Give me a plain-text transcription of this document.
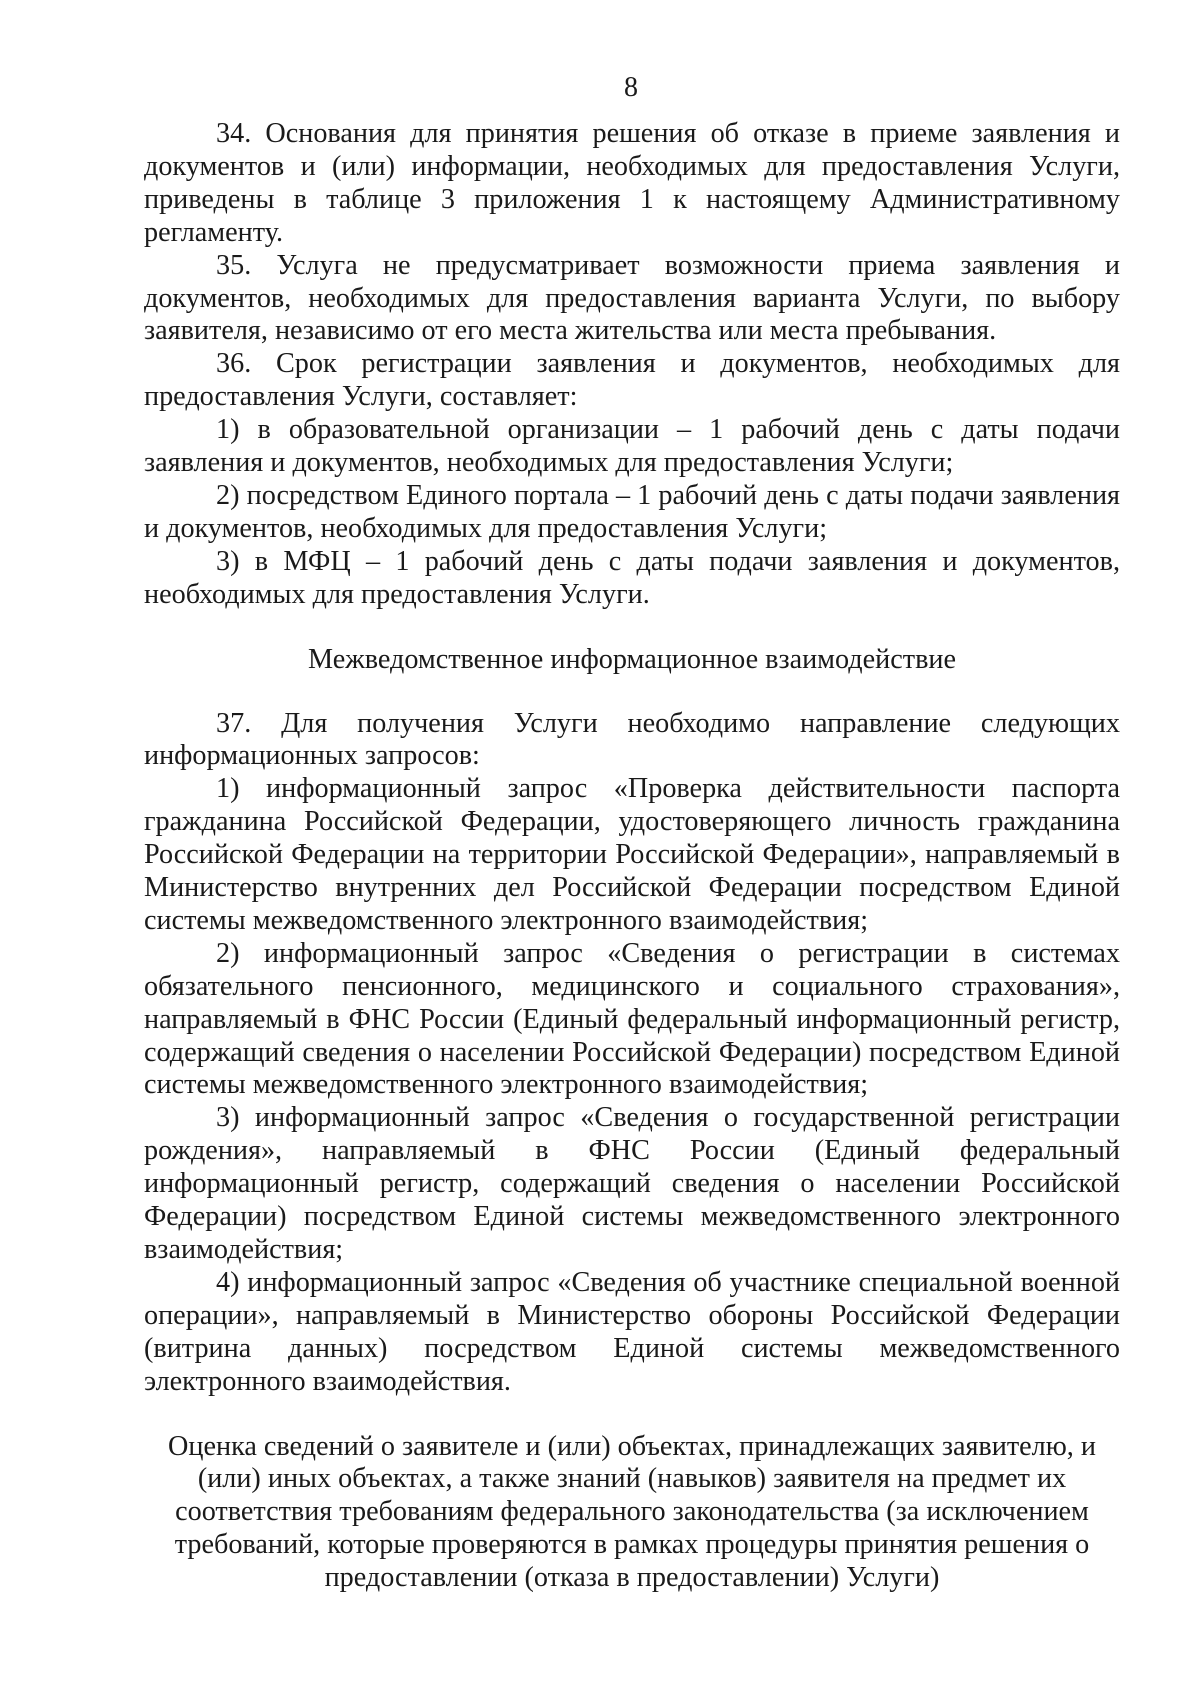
8

34. Основания для принятия решения об отказе в приеме заявления и документов и (или) информации, необходимых для предоставления Услуги, приведены в таблице 3 приложения 1 к настоящему Административному регламенту.

35. Услуга не предусматривает возможности приема заявления и документов, необходимых для предоставления варианта Услуги, по выбору заявителя, независимо от его места жительства или места пребывания.

36. Срок регистрации заявления и документов, необходимых для предоставления Услуги, составляет:

1) в образовательной организации – 1 рабочий день с даты подачи заявления и документов, необходимых для предоставления Услуги;

2) посредством Единого портала – 1 рабочий день с даты подачи заявления и документов, необходимых для предоставления Услуги;

3) в МФЦ – 1 рабочий день с даты подачи заявления и документов, необходимых для предоставления Услуги.

Межведомственное информационное взаимодействие

37. Для получения Услуги необходимо направление следующих информационных запросов:

1) информационный запрос «Проверка действительности паспорта гражданина Российской Федерации, удостоверяющего личность гражданина Российской Федерации на территории Российской Федерации», направляемый в Министерство внутренних дел Российской Федерации посредством Единой системы межведомственного электронного взаимодействия;

2) информационный запрос «Сведения о регистрации в системах обязательного пенсионного, медицинского и социального страхования», направляемый в ФНС России (Единый федеральный информационный регистр, содержащий сведения о населении Российской Федерации) посредством Единой системы межведомственного электронного взаимодействия;

3) информационный запрос «Сведения о государственной регистрации рождения», направляемый в ФНС России (Единый федеральный информационный регистр, содержащий сведения о населении Российской Федерации) посредством Единой системы межведомственного электронного взаимодействия;

4) информационный запрос «Сведения об участнике специальной военной операции», направляемый в Министерство обороны Российской Федерации (витрина данных) посредством Единой системы межведомственного электронного взаимодействия.

Оценка сведений о заявителе и (или) объектах, принадлежащих заявителю, и (или) иных объектах, а также знаний (навыков) заявителя на предмет их соответствия требованиям федерального законодательства (за исключением требований, которые проверяются в рамках процедуры принятия решения о предоставлении (отказа в предоставлении) Услуги)
